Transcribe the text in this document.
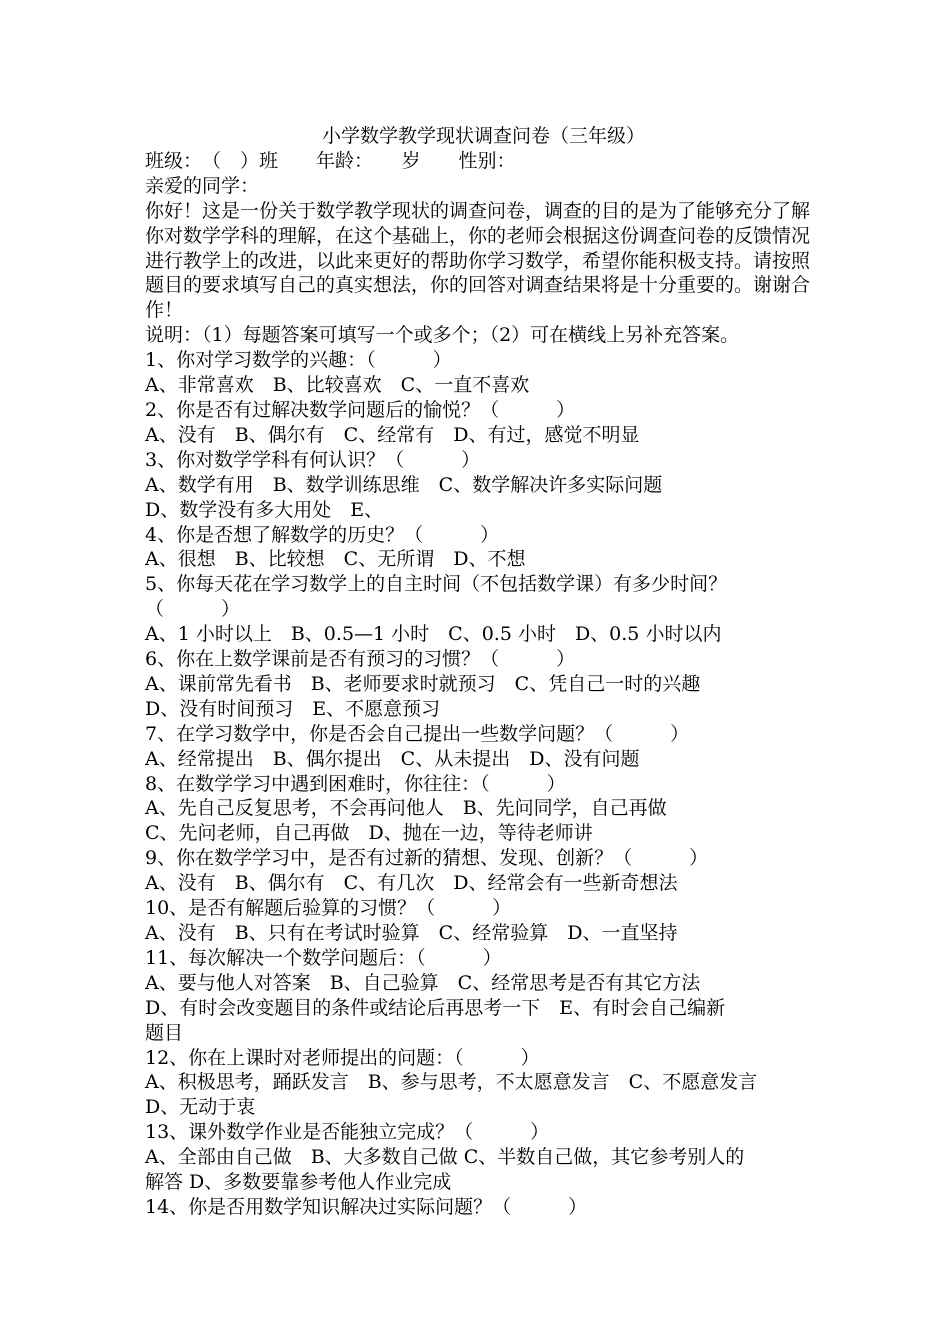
小学数学教学现状调查问卷（三年级）
班级：　（　）班　　年龄：　　岁　　性别：
亲爱的同学：
你好！这是一份关于数学教学现状的调查问卷，调查的目的是为了能够充分了解你对数学学科的理解，在这个基础上，你的老师会根据这份调查问卷的反馈情况进行教学上的改进，以此来更好的帮助你学习数学，希望你能积极支持。请按照题目的要求填写自己的真实想法，你的回答对调查结果将是十分重要的。谢谢合作！
说明：（1）每题答案可填写一个或多个；（2）可在横线上另补充答案。
1、你对学习数学的兴趣：（　　　）
A、非常喜欢　B、比较喜欢　C、一直不喜欢
2、你是否有过解决数学问题后的愉悦？（　　　）
A、没有　B、偶尔有　C、经常有　D、有过，感觉不明显
3、你对数学学科有何认识？（　　　）
A、数学有用　B、数学训练思维　C、数学解决许多实际问题
D、数学没有多大用处　E、
4、你是否想了解数学的历史？（　　　）
A、很想　B、比较想　C、无所谓　D、不想
5、你每天花在学习数学上的自主时间（不包括数学课）有多少时间？
（　　　）
A、1 小时以上　B、0.5—1 小时　C、0.5 小时　D、0.5 小时以内
6、你在上数学课前是否有预习的习惯？（　　　）
A、课前常先看书　B、老师要求时就预习　C、凭自己一时的兴趣
D、没有时间预习　E、不愿意预习
7、在学习数学中，你是否会自己提出一些数学问题？（　　　）
A、经常提出　B、偶尔提出　C、从未提出　D、没有问题
8、在数学学习中遇到困难时，你往往：（　　　）
A、先自己反复思考，不会再问他人　B、先问同学，自己再做
C、先问老师，自己再做　D、抛在一边，等待老师讲
9、你在数学学习中，是否有过新的猜想、发现、创新？（　　　）
A、没有　B、偶尔有　C、有几次　D、经常会有一些新奇想法
10、是否有解题后验算的习惯？（　　　）
A、没有　B、只有在考试时验算　C、经常验算　D、一直坚持
11、每次解决一个数学问题后：（　　　）
A、要与他人对答案　B、自己验算　C、经常思考是否有其它方法
D、有时会改变题目的条件或结论后再思考一下　E、有时会自己编新
题目
12、你在上课时对老师提出的问题：（　　　）
A、积极思考，踊跃发言　B、参与思考，不太愿意发言　C、不愿意发言
D、无动于衷
13、课外数学作业是否能独立完成？（　　　）
A、全部由自己做　B、大多数自己做 C、半数自己做，其它参考别人的
解答 D、多数要靠参考他人作业完成
14、你是否用数学知识解决过实际问题？（　　　）
